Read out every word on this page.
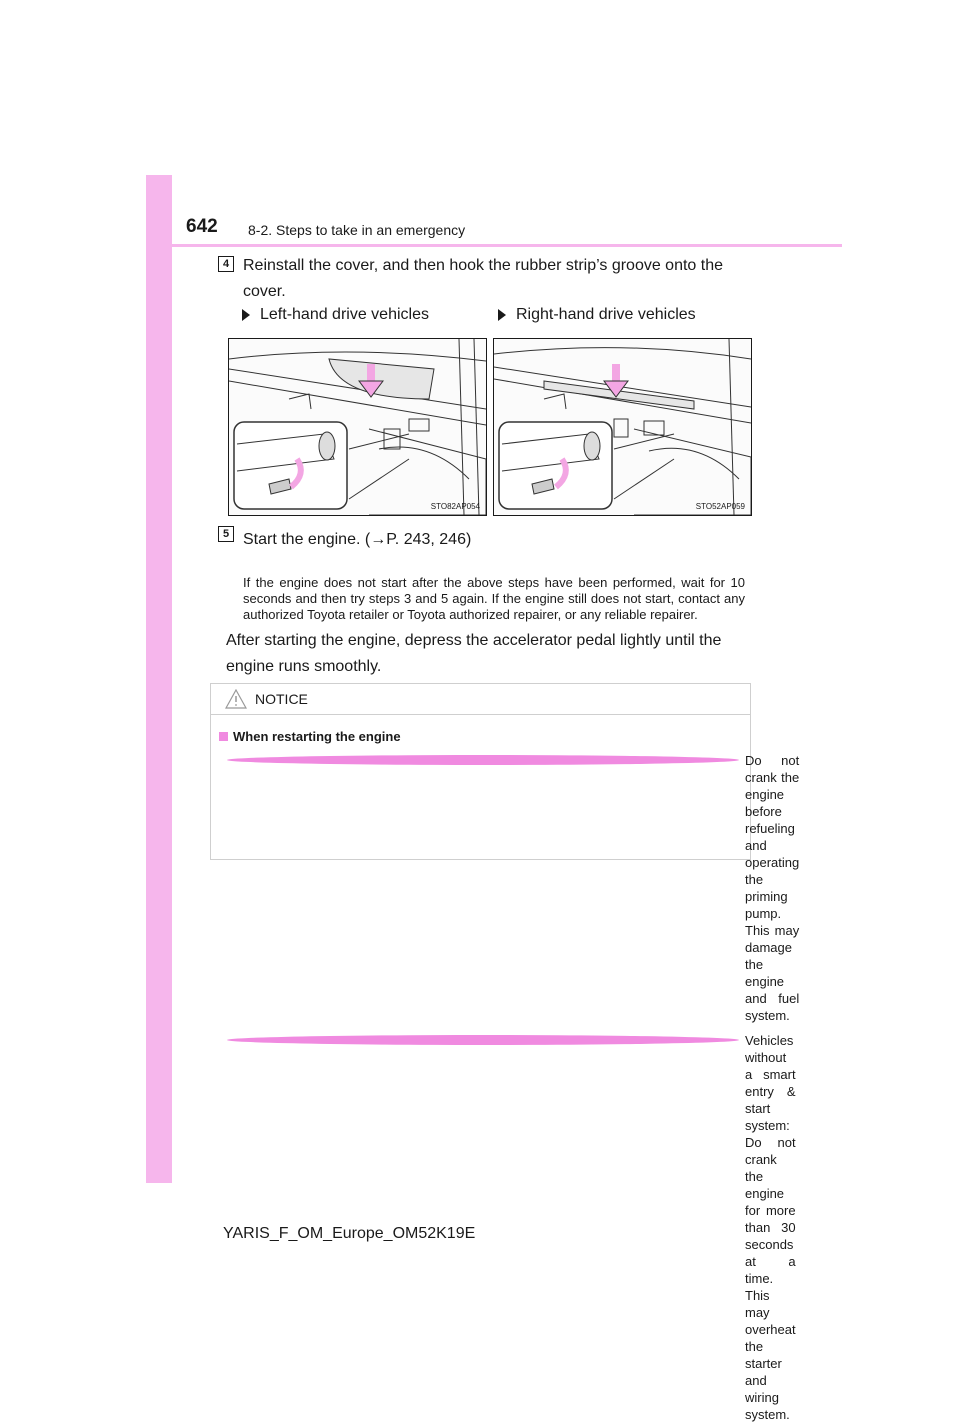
642 8-2. Steps to take in an emergency
4 Reinstall the cover, and then hook the rubber strip’s groove onto the cover.
Left-hand drive vehicles	Right-hand drive vehicles
STO82AP054	STO52AP059
5 Start the engine. (→P. 243, 246)
If the engine does not start after the above steps have been performed, wait for 10 seconds and then try steps 3 and 5 again. If the engine still does not start, contact any authorized Toyota retailer or Toyota authorized repairer, or any reliable repairer.
After starting the engine, depress the accelerator pedal lightly until the engine runs smoothly.
NOTICE
When restarting the engine
Do not crank the engine before refueling and operating the priming pump. This may damage the engine and fuel system.
Vehicles without a smart entry & start system: Do not crank the engine for more than 30 seconds at a time. This may overheat the starter and wiring system.
YARIS_F_OM_Europe_OM52K19E
